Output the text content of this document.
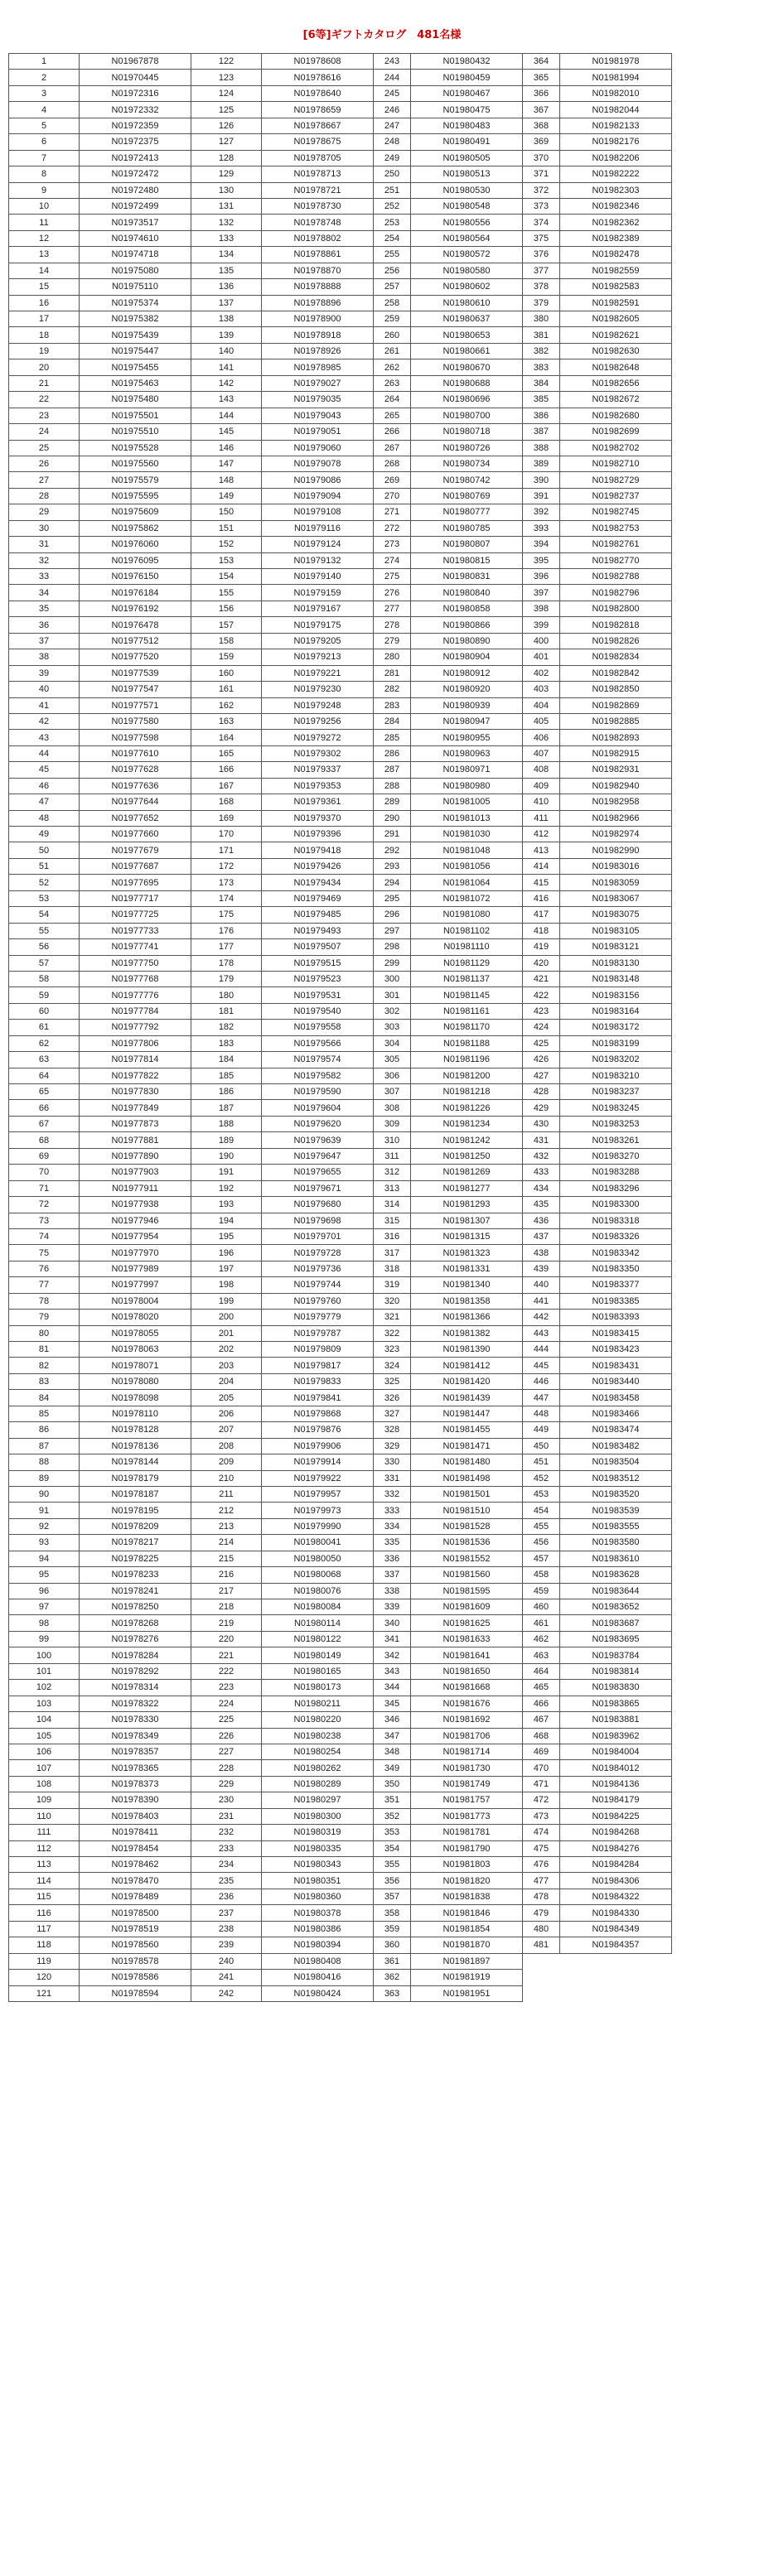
[6等]ギフトカタログ　481名様
1	N01967878	122	N01978608	243	N01980432	364	N01981978
2	N01970445	123	N01978616	244	N01980459	365	N01981994
3	N01972316	124	N01978640	245	N01980467	366	N01982010
4	N01972332	125	N01978659	246	N01980475	367	N01982044
5	N01972359	126	N01978667	247	N01980483	368	N01982133
6	N01972375	127	N01978675	248	N01980491	369	N01982176
7	N01972413	128	N01978705	249	N01980505	370	N01982206
8	N01972472	129	N01978713	250	N01980513	371	N01982222
9	N01972480	130	N01978721	251	N01980530	372	N01982303
10	N01972499	131	N01978730	252	N01980548	373	N01982346
11	N01973517	132	N01978748	253	N01980556	374	N01982362
12	N01974610	133	N01978802	254	N01980564	375	N01982389
13	N01974718	134	N01978861	255	N01980572	376	N01982478
14	N01975080	135	N01978870	256	N01980580	377	N01982559
15	N01975110	136	N01978888	257	N01980602	378	N01982583
16	N01975374	137	N01978896	258	N01980610	379	N01982591
17	N01975382	138	N01978900	259	N01980637	380	N01982605
18	N01975439	139	N01978918	260	N01980653	381	N01982621
19	N01975447	140	N01978926	261	N01980661	382	N01982630
20	N01975455	141	N01978985	262	N01980670	383	N01982648
21	N01975463	142	N01979027	263	N01980688	384	N01982656
22	N01975480	143	N01979035	264	N01980696	385	N01982672
23	N01975501	144	N01979043	265	N01980700	386	N01982680
24	N01975510	145	N01979051	266	N01980718	387	N01982699
25	N01975528	146	N01979060	267	N01980726	388	N01982702
26	N01975560	147	N01979078	268	N01980734	389	N01982710
27	N01975579	148	N01979086	269	N01980742	390	N01982729
28	N01975595	149	N01979094	270	N01980769	391	N01982737
29	N01975609	150	N01979108	271	N01980777	392	N01982745
30	N01975862	151	N01979116	272	N01980785	393	N01982753
31	N01976060	152	N01979124	273	N01980807	394	N01982761
32	N01976095	153	N01979132	274	N01980815	395	N01982770
33	N01976150	154	N01979140	275	N01980831	396	N01982788
34	N01976184	155	N01979159	276	N01980840	397	N01982796
35	N01976192	156	N01979167	277	N01980858	398	N01982800
36	N01976478	157	N01979175	278	N01980866	399	N01982818
37	N01977512	158	N01979205	279	N01980890	400	N01982826
38	N01977520	159	N01979213	280	N01980904	401	N01982834
39	N01977539	160	N01979221	281	N01980912	402	N01982842
40	N01977547	161	N01979230	282	N01980920	403	N01982850
41	N01977571	162	N01979248	283	N01980939	404	N01982869
42	N01977580	163	N01979256	284	N01980947	405	N01982885
43	N01977598	164	N01979272	285	N01980955	406	N01982893
44	N01977610	165	N01979302	286	N01980963	407	N01982915
45	N01977628	166	N01979337	287	N01980971	408	N01982931
46	N01977636	167	N01979353	288	N01980980	409	N01982940
47	N01977644	168	N01979361	289	N01981005	410	N01982958
48	N01977652	169	N01979370	290	N01981013	411	N01982966
49	N01977660	170	N01979396	291	N01981030	412	N01982974
50	N01977679	171	N01979418	292	N01981048	413	N01982990
51	N01977687	172	N01979426	293	N01981056	414	N01983016
52	N01977695	173	N01979434	294	N01981064	415	N01983059
53	N01977717	174	N01979469	295	N01981072	416	N01983067
54	N01977725	175	N01979485	296	N01981080	417	N01983075
55	N01977733	176	N01979493	297	N01981102	418	N01983105
56	N01977741	177	N01979507	298	N01981110	419	N01983121
57	N01977750	178	N01979515	299	N01981129	420	N01983130
58	N01977768	179	N01979523	300	N01981137	421	N01983148
59	N01977776	180	N01979531	301	N01981145	422	N01983156
60	N01977784	181	N01979540	302	N01981161	423	N01983164
61	N01977792	182	N01979558	303	N01981170	424	N01983172
62	N01977806	183	N01979566	304	N01981188	425	N01983199
63	N01977814	184	N01979574	305	N01981196	426	N01983202
64	N01977822	185	N01979582	306	N01981200	427	N01983210
65	N01977830	186	N01979590	307	N01981218	428	N01983237
66	N01977849	187	N01979604	308	N01981226	429	N01983245
67	N01977873	188	N01979620	309	N01981234	430	N01983253
68	N01977881	189	N01979639	310	N01981242	431	N01983261
69	N01977890	190	N01979647	311	N01981250	432	N01983270
70	N01977903	191	N01979655	312	N01981269	433	N01983288
71	N01977911	192	N01979671	313	N01981277	434	N01983296
72	N01977938	193	N01979680	314	N01981293	435	N01983300
73	N01977946	194	N01979698	315	N01981307	436	N01983318
74	N01977954	195	N01979701	316	N01981315	437	N01983326
75	N01977970	196	N01979728	317	N01981323	438	N01983342
76	N01977989	197	N01979736	318	N01981331	439	N01983350
77	N01977997	198	N01979744	319	N01981340	440	N01983377
78	N01978004	199	N01979760	320	N01981358	441	N01983385
79	N01978020	200	N01979779	321	N01981366	442	N01983393
80	N01978055	201	N01979787	322	N01981382	443	N01983415
81	N01978063	202	N01979809	323	N01981390	444	N01983423
82	N01978071	203	N01979817	324	N01981412	445	N01983431
83	N01978080	204	N01979833	325	N01981420	446	N01983440
84	N01978098	205	N01979841	326	N01981439	447	N01983458
85	N01978110	206	N01979868	327	N01981447	448	N01983466
86	N01978128	207	N01979876	328	N01981455	449	N01983474
87	N01978136	208	N01979906	329	N01981471	450	N01983482
88	N01978144	209	N01979914	330	N01981480	451	N01983504
89	N01978179	210	N01979922	331	N01981498	452	N01983512
90	N01978187	211	N01979957	332	N01981501	453	N01983520
91	N01978195	212	N01979973	333	N01981510	454	N01983539
92	N01978209	213	N01979990	334	N01981528	455	N01983555
93	N01978217	214	N01980041	335	N01981536	456	N01983580
94	N01978225	215	N01980050	336	N01981552	457	N01983610
95	N01978233	216	N01980068	337	N01981560	458	N01983628
96	N01978241	217	N01980076	338	N01981595	459	N01983644
97	N01978250	218	N01980084	339	N01981609	460	N01983652
98	N01978268	219	N01980114	340	N01981625	461	N01983687
99	N01978276	220	N01980122	341	N01981633	462	N01983695
100	N01978284	221	N01980149	342	N01981641	463	N01983784
101	N01978292	222	N01980165	343	N01981650	464	N01983814
102	N01978314	223	N01980173	344	N01981668	465	N01983830
103	N01978322	224	N01980211	345	N01981676	466	N01983865
104	N01978330	225	N01980220	346	N01981692	467	N01983881
105	N01978349	226	N01980238	347	N01981706	468	N01983962
106	N01978357	227	N01980254	348	N01981714	469	N01984004
107	N01978365	228	N01980262	349	N01981730	470	N01984012
108	N01978373	229	N01980289	350	N01981749	471	N01984136
109	N01978390	230	N01980297	351	N01981757	472	N01984179
110	N01978403	231	N01980300	352	N01981773	473	N01984225
111	N01978411	232	N01980319	353	N01981781	474	N01984268
112	N01978454	233	N01980335	354	N01981790	475	N01984276
113	N01978462	234	N01980343	355	N01981803	476	N01984284
114	N01978470	235	N01980351	356	N01981820	477	N01984306
115	N01978489	236	N01980360	357	N01981838	478	N01984322
116	N01978500	237	N01980378	358	N01981846	479	N01984330
117	N01978519	238	N01980386	359	N01981854	480	N01984349
118	N01978560	239	N01980394	360	N01981870	481	N01984357
119	N01978578	240	N01980408	361	N01981897		
120	N01978586	241	N01980416	362	N01981919		
121	N01978594	242	N01980424	363	N01981951		
